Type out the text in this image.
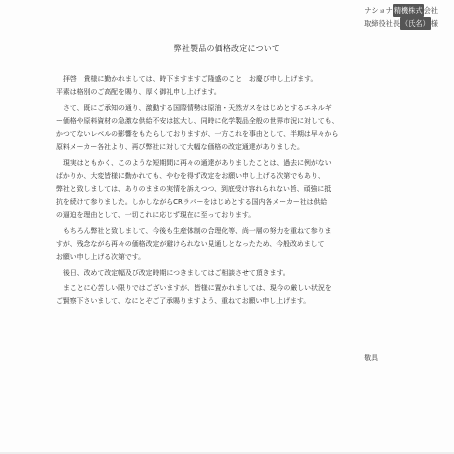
ナショナ精機株式会社
取締役社長（氏名）様
弊社製品の価格改定について
拝啓　貴様に勤かれましては、時下ますますご隆盛のこと　お慶び申し上げます。
平素は格別のご高配を賜り、厚く御礼申し上げます。
さて、既にご承知の通り、激動する国際情勢は原油・天然ガスをはじめとするエネルギ
ー価格や原料資材の急激な供給不安は拡大し、同時に化学製品全般の世界市況に対しても、
かつてないレベルの影響をもたらしておりますが、一方これを事由として、半期は早々から
原料メーカー各社より、再び弊社に対して大幅な価格の改定通達がありました。
現実はともかく、このような短期間に再々の通達がありましたことは、過去に例がない
ばかりか、大変皆様に勤かれても、やむを得ず改定をお願い申し上げる次第でもあり、
弊社と致しましては、ありのままの実情を訴えつつ、到底受け容れられない旨、頑強に抵
抗を続けて参りました。しかしながらCRラバーをはじめとする国内各メーカー社は供給
の逼迫を理由として、一切これに応じず現在に至っております。
もちろん弊社と致しまして、今後も生産体制の合理化等、尚一層の努力を重ねて参りま
すが、残念ながら再々の価格改定が避けられない見通しとなったため、今般改めまして
お願い申し上げる次第です。
後日、改めて改定幅及び改定時期につきましてはご相談させて頂きます。
まことに心苦しい限りではございますが、皆様に置かれましては、現今の厳しい状況を
ご賢察下さいまして、なにとぞご了承賜りますよう、重ねてお願い申し上げます。
敬具
